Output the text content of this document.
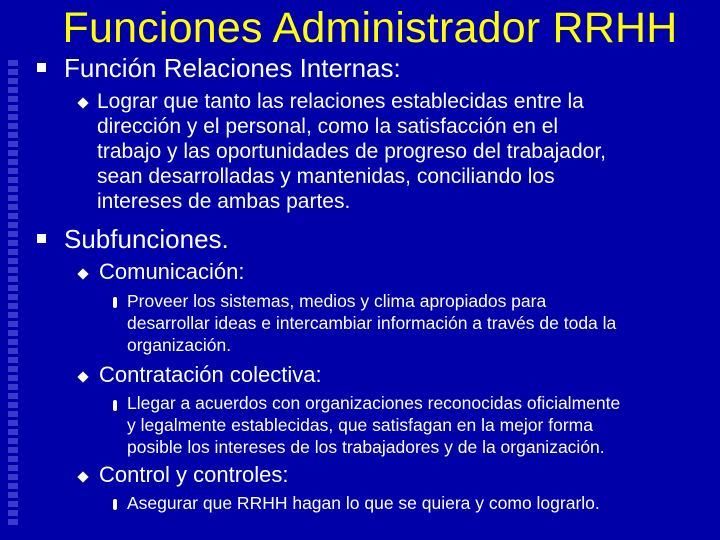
Funciones Administrador RRHH
Función Relaciones Internas:
Lograr que tanto las relaciones establecidas entre la
dirección y el personal, como la satisfacción en el
trabajo y las oportunidades de progreso del trabajador,
sean desarrolladas y mantenidas, conciliando los
intereses de ambas partes.
Subfunciones.
Comunicación:
Proveer los sistemas, medios y clima apropiados para
desarrollar ideas e intercambiar información a través de toda la
organización.
Contratación colectiva:
Llegar a acuerdos con organizaciones reconocidas oficialmente
y legalmente establecidas, que satisfagan en la mejor forma
posible los intereses de los trabajadores y de la organización.
Control y controles:
Asegurar que RRHH hagan lo que se quiera y como lograrlo.
